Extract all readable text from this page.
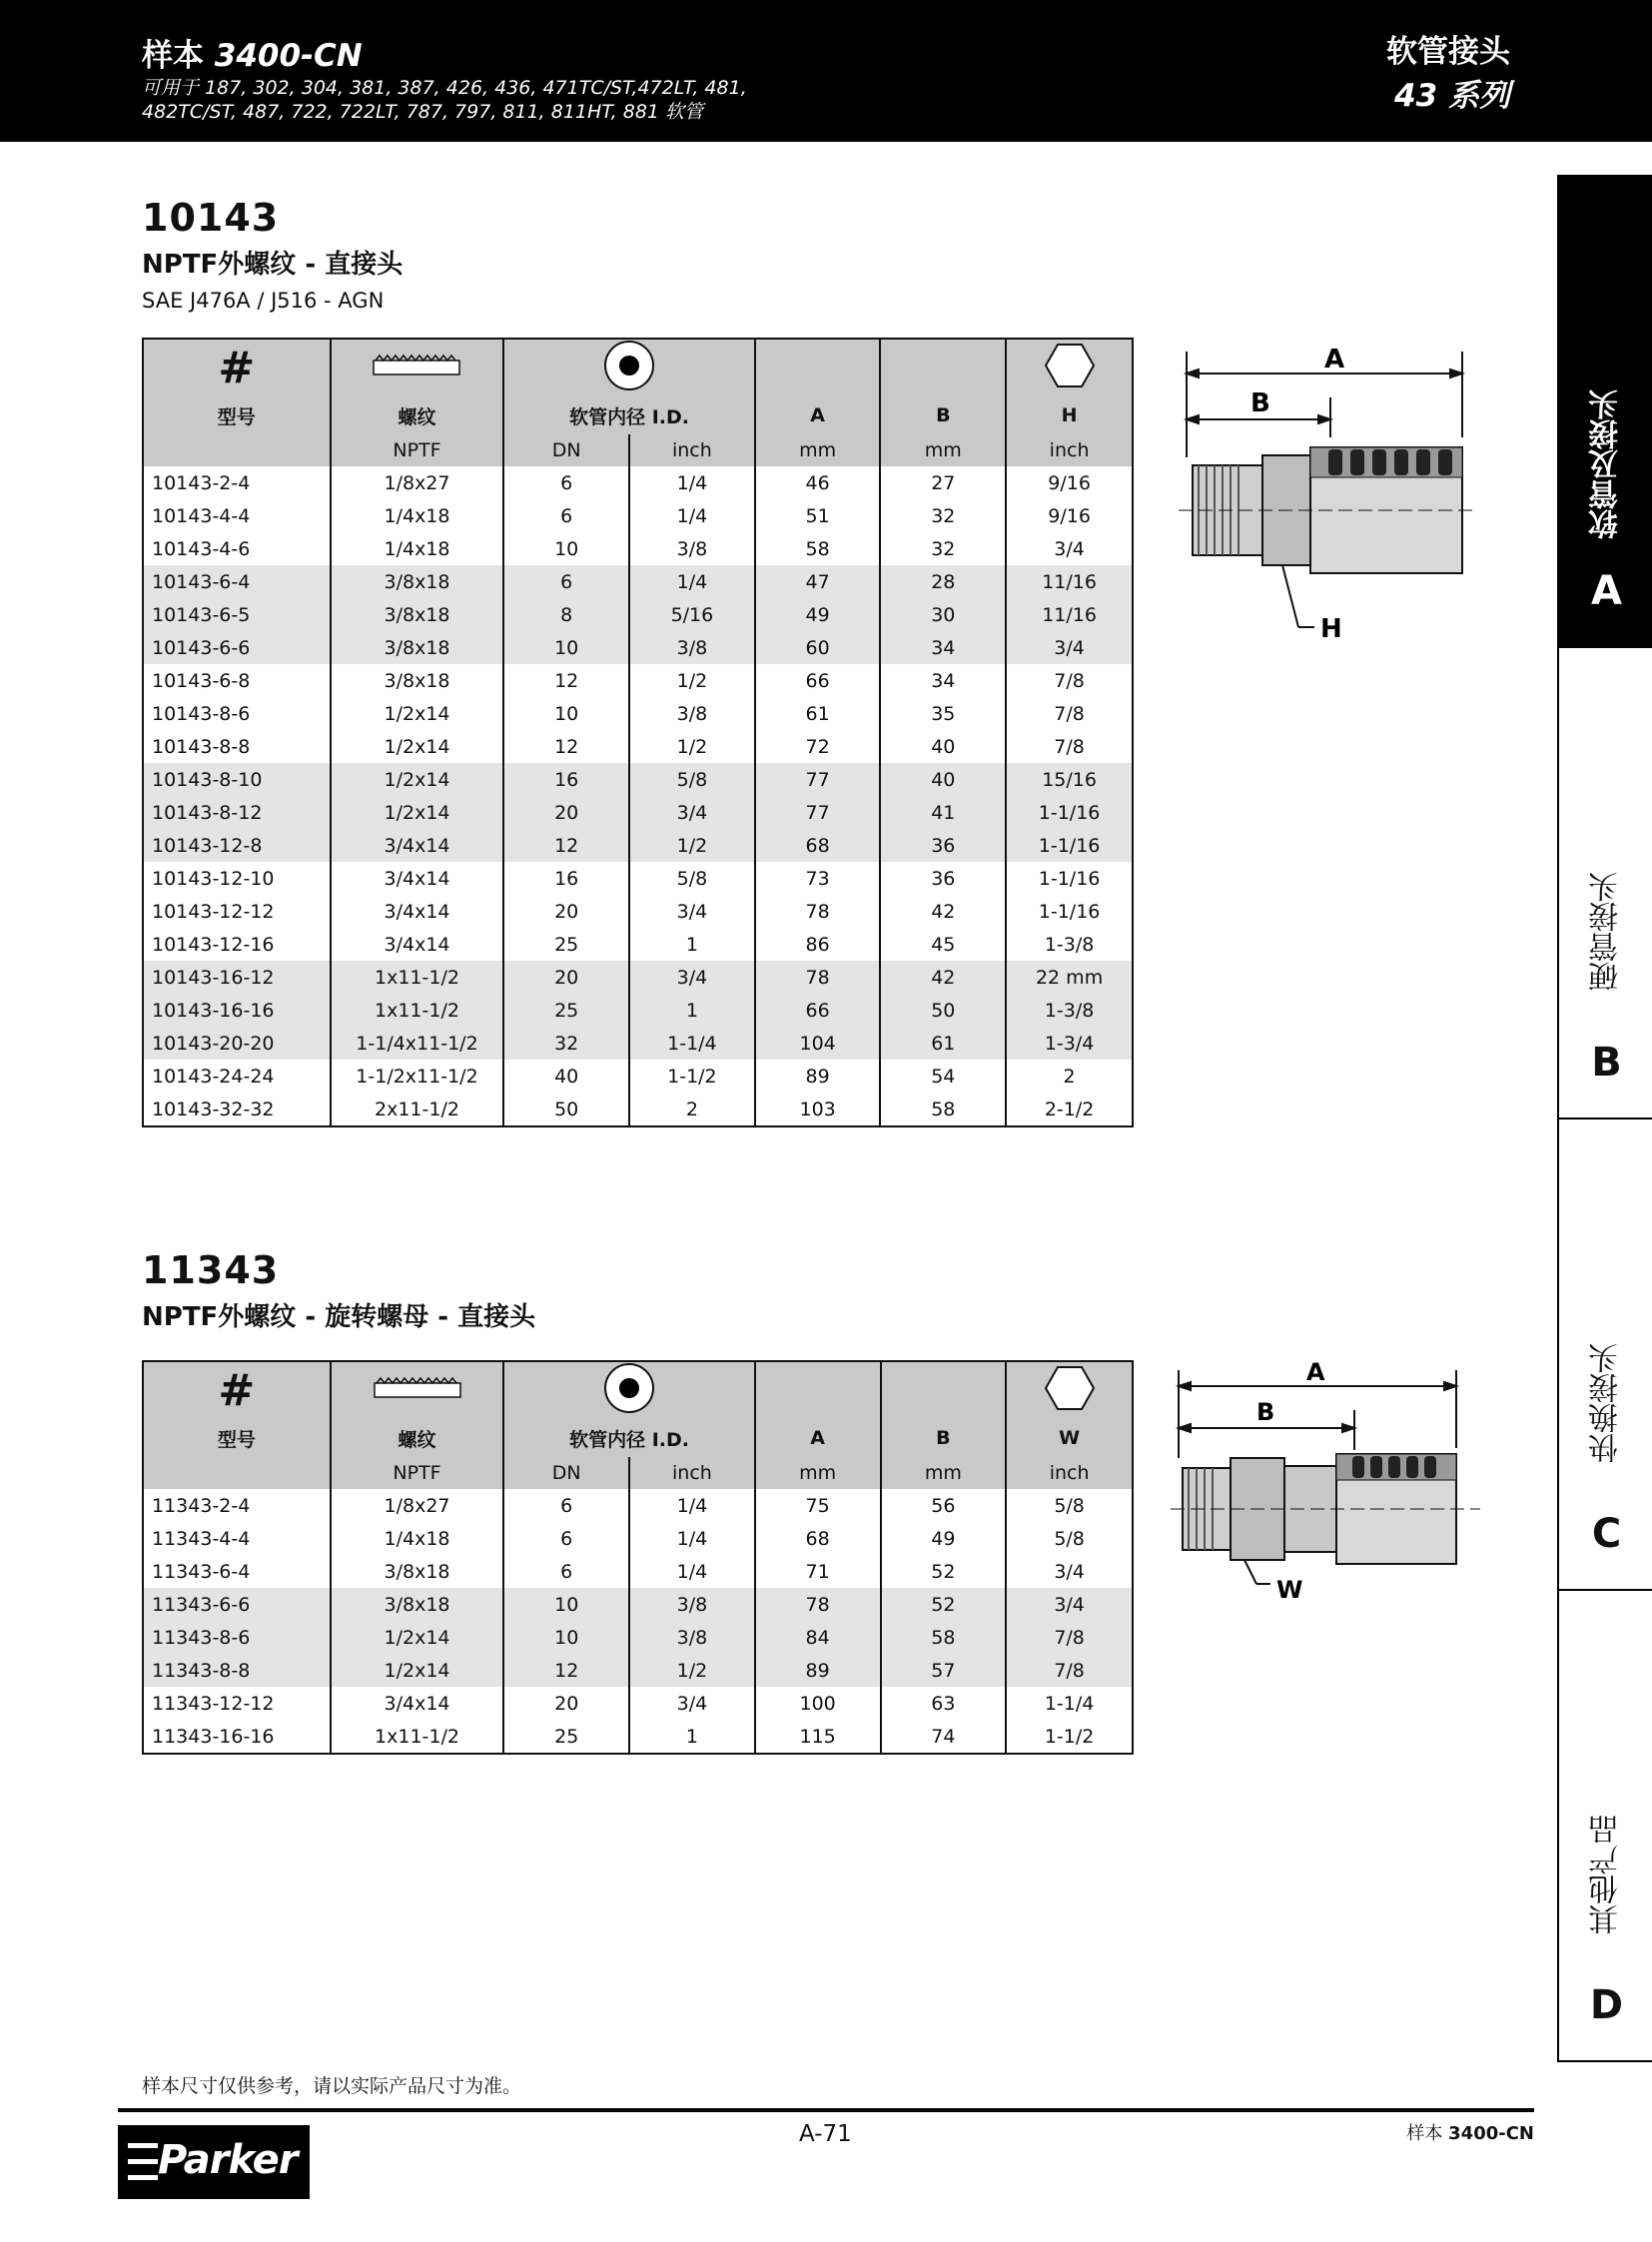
样本 3400-CN
可用于 187, 302, 304, 381, 387, 426, 436, 471TC/ST,472LT, 481,
482TC/ST, 487, 722, 722LT, 787, 797, 811, 811HT, 881 软管
软管接头
43 系列
10143
NPTF外螺纹 - 直接头
SAE J476A / J516 - AGN
#					
型号	螺纹	软管内径 I.D.		A	B	H
	NPTF	DN	inch	mm	mm	inch
10143-2-4	1/8x27	6	1/4	46	27	9/16
10143-4-4	1/4x18	6	1/4	51	32	9/16
10143-4-6	1/4x18	10	3/8	58	32	3/4
10143-6-4	3/8x18	6	1/4	47	28	11/16
10143-6-5	3/8x18	8	5/16	49	30	11/16
10143-6-6	3/8x18	10	3/8	60	34	3/4
10143-6-8	3/8x18	12	1/2	66	34	7/8
10143-8-6	1/2x14	10	3/8	61	35	7/8
10143-8-8	1/2x14	12	1/2	72	40	7/8
10143-8-10	1/2x14	16	5/8	77	40	15/16
10143-8-12	1/2x14	20	3/4	77	41	1-1/16
10143-12-8	3/4x14	12	1/2	68	36	1-1/16
10143-12-10	3/4x14	16	5/8	73	36	1-1/16
10143-12-12	3/4x14	20	3/4	78	42	1-1/16
10143-12-16	3/4x14	25	1	86	45	1-3/8
10143-16-12	1x11-1/2	20	3/4	78	42	22 mm
10143-16-16	1x11-1/2	25	1	66	50	1-3/8
10143-20-20	1-1/4x11-1/2	32	1-1/4	104	61	1-3/4
10143-24-24	1-1/2x11-1/2	40	1-1/2	89	54	2
10143-32-32	2x11-1/2	50	2	103	58	2-1/2
A
B
H
11343
NPTF外螺纹 - 旋转螺母 - 直接头
#					
型号	螺纹	软管内径 I.D.		A	B	W
	NPTF	DN	inch	mm	mm	inch
11343-2-4	1/8x27	6	1/4	75	56	5/8
11343-4-4	1/4x18	6	1/4	68	49	5/8
11343-6-4	3/8x18	6	1/4	71	52	3/4
11343-6-6	3/8x18	10	3/8	78	52	3/4
11343-8-6	1/2x14	10	3/8	84	58	7/8
11343-8-8	1/2x14	12	1/2	89	57	7/8
11343-12-12	3/4x14	20	3/4	100	63	1-1/4
11343-16-16	1x11-1/2	25	1	115	74	1-1/2
A
B
W
软管及接头
A
硬管接头
B
快换接头
C
其他产品
D
样本尺寸仅供参考，请以实际产品尺寸为准。
Parker
A-71	样本 3400-CN
